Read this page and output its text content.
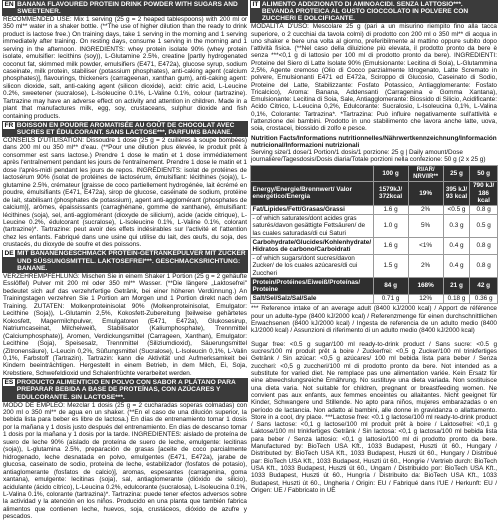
EN BANANA FLAVOURED PROTEIN DRINK POWDER WITH SUGARS AND SWEETENER.

RECOMMENDED USE: Mix 1 serving (25 g = 2 heaped tablespoons) with 200 ml or 350 ml** water in a shaker bottle. (**The use of higher dilution than the ready to drink product is lactose free.) On training days, take 1 serving in the morning and 1 serving immediately after training. On resting days, consume 1 serving in the morning and 1 serving in the afternoon. INGREDIENTS: whey protein isolate 90% (whey protein isolate, emulsifier: lecithins (soy)), L-Glutamine 2.5%, creatine [partly hydrogenated coconut fat, skimmed milk powder, emulsifiers (E471, E472a), glucose syrup, sodium caseinate, milk protein, stabiliser (potassium phosphates), anti-caking agent (calcium phosphates)], flavourings, thickeners (carrageenan, xanthan gum), anti-caking agent: silicon dioxide, salt, anti-caking agent (silicon dioxide), acid: citric acid, L-Leucine 0.2%, sweetener (sucralose), L-Isoleucine 0.1%, L-Valine 0.1%, colour (tartrazine). Tartrazine may have an adverse effect on activity and attention in children. Made in a plant that manufactures milk, egg, soy, crustaceans, sulphur dioxide and fish containing products.

FR BOISSON EN POUDRE AROMATISÉE AU GOÛT DE CHOCOLAT AVEC SUCRES ET ÉDULCORANT. SANS LACTOSE***, PARFUMS BANANE.

CONSEILS D'UTILISATION: Dissoudre 1 dose (25 g = 2 cuillères à soupe bombées) dans 200 ml ou 350 ml** d'eau. (**Pour une dilution plus élevée, le produit prêt à consommer est sans lactose.) Prendre 1 dose le matin et 1 dose immédiatement après l'entraînement pendant les jours de l'entraînement. Prendre 1 dose le matin et 1 dose l'après-midi pendant les jours de repos. INGRÉDIENTS: isolat de protéines de lactosérum 90% (isolat de protéines de lactosérum, émulsifiant: lécithines (soja)), L-glutamine 2.5%, crémateur [graisse de coco partiellement hydrogénée, lait écrémé en poudre, émulsifiants (E471, E472a), sirop de glucose, caséinate de sodium, protéine de lait, stabilisant (phosphates de potassium), agent anti-agglomérant (phosphates de calcium)], arômes, épaississants (carraghénane, gomme de xanthane), émulsifiant: lécithines (soja), sel, anti-agglomérant (dioxyde de silicium), acide (acide citrique), L-Leucine 0.2%, édulcorant (sucralose), L-Isoleucine 0.1%, L-Valine 0.1%, colorant (tartrazine)*. Tartrazine: peut avoir des effets indésirables sur l'activité et l'attention chez les enfants. Fabriqué dans une usine qui utilise du lait, des œufs, du soja, des crustacés, du dioxyde de soufre et des poissons.

DE MIT BANANENGESCHMACK PROTEIN-GETRÄNKEPULVER MIT ZUCKER UND SÜSSUNGSMITTEL. LAKTOSEFREI***. GESCHMACKSRICHTUNG: BANANE.

VERZEHREMPFEHLUNG: Mischen Sie in einem Shaker 1 Portion (25 g = 2 gehäufte Esslöffel) Pulver mit 200 ml oder 350 ml** Wasser. (**Die längere „Laktosefrei" bedeutet sich auf das verzehrfertige Getränk, bei einer höheren Verdünnung.) An Trainingstagen verzehren Sie 1 Portion am Morgen und 1 Portion direkt nach dem Training. ZUTATEN: Molkenproteinisolat 90% (Molkenproteinisolat, Emulgator: Lecithine (Soja)), L-Glutamin 2,5%, Kokosfett-Zubereitung [teilweise gehärtetes Kokosfett, Magermilchpulver, Emulgatoren (E471, E472a), Glukosesirup, Natriumcaseinat, Milcheiweiß, Stabilisator (Kaliumphosphate), Trennmittel (Calciumphosphate)], Aromen, Verdickungsmittel (Carrageen, Xanthan), Emulgator: Lecithine (Soja), Speisesalz, Trennmittel (Siliziumdioxid), Säuerungsmittel (Zitronensäure), L-Leucin 0,2%, Süßungsmittel (Sucralose), L-Isoleucin 0,1%, L-Valin 0,1%, Farbstoff (Tartrazin). Tartrazin: kann die Aktivität und Aufmerksamkeit bei Kindern beeinträchtigen. Hergestellt in einem Betrieb, in dem Milch, Ei, Soja, Krebstiere, Schwefeldioxid und Schalenfrüchte verarbeitet werden.

ES PRODUCTO ALIMENTICIO EN POLVO CON SABOR A PLÁTANO PARA PREPARAR BEBIDA A BASE DE PROTEÍNAS, CON AZÚCARES Y EDULCORANTE. SIN LACTOSE***.

MODO DE EMPLEO: Mezclar 1 dosis (25 g = 2 cucharadas soperas colmadas) con 200 ml o 350 ml** de agua en un shaker. (**En el caso de una dilución superior, la bebida lista para beber es libre de lactosa.) En días de entrenamiento tomar 1 dosis por la mañana y 1 dosis justo después del entrenamiento. En días de descanso tomar 1 dosis por la mañana y 1 dosis por la tarde. INGREDIENTES: aislado de proteína de suero de leche 90% (aislado de proteína de suero de leche, emulgente: lecitinas (soja)), L-glutamina 2.5%, preparación de grasas [aceite de coco parcialmente hidrogenado, leche desnatada en polvo, emulgentes (E471, E472a), jarabe de glucosa, caseinato de sodio, proteína de leche, estabilizador (fosfatos de potasio), antiaglomerante (fosfatos de calcio)], aromas, espesantes (carragenina, goma xantana), emulgente: lecitinas (soja), sal, antiaglomerante (dióxido de silicio), acidulante (ácido cítrico), L-Leucina 0.2%, edulcorante (sucralosa), L-Isoleucina 0.1%, L-Valina 0.1%, colorante (tartrazina)*. Tartrazina: puede tener efectos adversos sobre la actividad y la atención en los niños. Producido en una planta que también fabrica alimentos que contienen leche, huevos, soja, crustáceos, dióxido de azufre y pescados.

IT ALIMENTO ADDIZIONATO DI AMINOACIDI. SENZA LATTOSIO***. BEVANDA PROTEICA AL GUSTO CIOCCOLATO IN POLVERE CON ZUCCHERI E DOLCIFICANTE.

MODALITÀ D'USO: Mescolare 25 g (pari a un misurino riempito fino alla tacca superiore, o 2 cucchiai da tavola colmi) di prodotto con 200 ml o 350 ml** di acqua in uno shaker e bere una volta al giorno, preferibilmente al mattino oppure subito dopo l'attività fisica. (**Nel caso della diluizione più elevata, il prodotto pronto da bere è senza ***<0,1 g di lattosio per 100 ml di prodotto pronto da bere). INGREDIENTI: Proteine del Siero di Latte Isolate 90% (Emulsionante: Lecitina di Soia), L-Glutammina 2,5%, Agente cremoso (Olio di Cocco parzialmente Idrogenato, Latte Scremato in polvere, Emulsionanti E471 ed E472a, Sciroppo di Glucosio, Caseinato di Sodio, Proteine del Latte, Stabilizzante: Fosfato Potassico, Antiagglomerante: Fosfato Tricalcico), Aroma: Banana, Addensanti (Carragenina e Gomma Xantana), Emulsionante: Lecitina di Soia, Sale, Antiagglomerante: Biossido di Silicio, Acidificante: Acido Citrico, L-Leucina 0,2%, Edulcorante: Sucralosio, L-Isoleucina 0,1%, L-Valina 0,1%, Colorante: Tartrazina*. *Tartrazina: Può influire negativamente sull'attività e l'attenzione dei bambini. Prodotto in uno stabilimento che lavora anche latte, uova, soia, crostacei, biossido di zolfo e pesce.

Nutrition Facts/Informations nutritionnelles/Nährwertkennzeichnung/Información nutricional/Informazioni nutrizionali
Serving size/1 dose/1 Portion/1 dosis/1 porzione: 25 g | Daily amount/Dose journalière/Tagesdosis/Dosis diaria/Totale porzioni nella confezione: 50 g (2 x 25 g)
	100 g	RI/AR/ NRV/IR**	25 g	50 g
Energy/Energie/Brennwert/ Valor energético/Energia	1579kJ/ 372kcal	19%	395 kJ/ 93 kcal	790 kJ/ 186 kcal
Fat/Lipides/Fett/Grasas/Grassi	1.6 g	2%	<0.5 g	0.8 g
- of which saturates/dont acides gras saturés/davon gesättigte Fettsäuren/ de las cuales saturadas/di cui Saturi	1.0 g	5%	0.3 g	0.5 g
Carbohydrate/Glucides/Kohlenhydrate/ Hidratos de carbono/Carboidrati	1.6 g	<1%	0.4 g	0.8 g
- of which sugars/dont sucres/davon Zucker/ de los cuales azúcares/di cui Zuccheri	1.5 g	2%	0.4 g	0.8 g
Protein/Protéines/Eiweiß/Proteínas/ Proteine	84 g	168%	21 g	42 g
Salt/Sel/Salz/Sal/Sale	0.71 g	12%	0.18 g	0.36 g

*** Reference intake of an average adult (8400 kJ/2000 kcal) / Apport de référence pour un adulte-type (8400 kJ/2000 kcal) / Referenzmenge für einen durchschnittlichen Erwachsenen (8400 kJ/2000 kcal) / Ingesta de referencia de un adulto medio (8400 kJ/2000 kcal) / Assunzioni di riferimento di un adulto medio (8400 kJ/2000 kcal)

Sugar free: <0.5 g sugar/100 ml ready-to-drink product / Sans sucre: <0.5 g sucres/100 ml produit prêt à boire / Zuckerfrei: <0,5 g Zucker/100 ml trinkfertiges Getränk / Sin azúcar: <0,5 g azúcares/ 100 ml bebida lista para beber / Senza zuccheri: <0,5 g zuccheri/100 ml di prodotto pronto da bere. Not intended as a substitute for varied diet. Ne remplace pas une alimentation variée. Kein Ersatz für eine abwechslungsreiche Ernährung. No sustituye una dieta variada. Non sostituisce una dieta varia. Not suitable for children, pregnant or breastfeeding women. Ne convient pas aux enfants, aux femmes enceintes ou allaitantes. Nicht geeignet für Kinder, Schwangere und Stillende. No apto para niños, mujeres embarazadas o en período de lactancia. Non adatto ai bambini, alle donne in gravidanza o allattamento. Store in a cool, dry place. ***Lactose free: <0.1 g lactose/100 ml ready-to-drink product / Sans lactose: <0,1 g lactose/100 ml produit prêt à boire / Laktosefrei: <0,1 g Laktose/100 ml trinkfertiges Getränk / Sin lactosa: <0,1 g lactosa/100 ml bebida lista para beber / Senza lattosio: <0,1 g lattosio/100 ml di prodotto pronto da bere. Manufactured by: BioTech USA Kft., 1033 Budapest, Huszti út 60., Hungary / Distributed by: BioTech USA Kft., 1033 Budapest, Huszti út 60., Hungary / Distribué par: BioTech USA Kft., 1033 Budapest, Huszti út 60., Hongrie / Vertrieb durch: BioTech USA Kft., 1033 Budapest, Huszti út 60., Ungarn / Distribuido por: BioTech USA Kft., 1033 Budapest, Huszti út 60., Hungría / Distribuito da: BioTech USA Kft., 1033 Budapest, Huszti út 60., Ungheria / Origin: EU / Fabriqué dans l'UE / Herkunft: EU / Origen: UE / Fabbricato in UE
